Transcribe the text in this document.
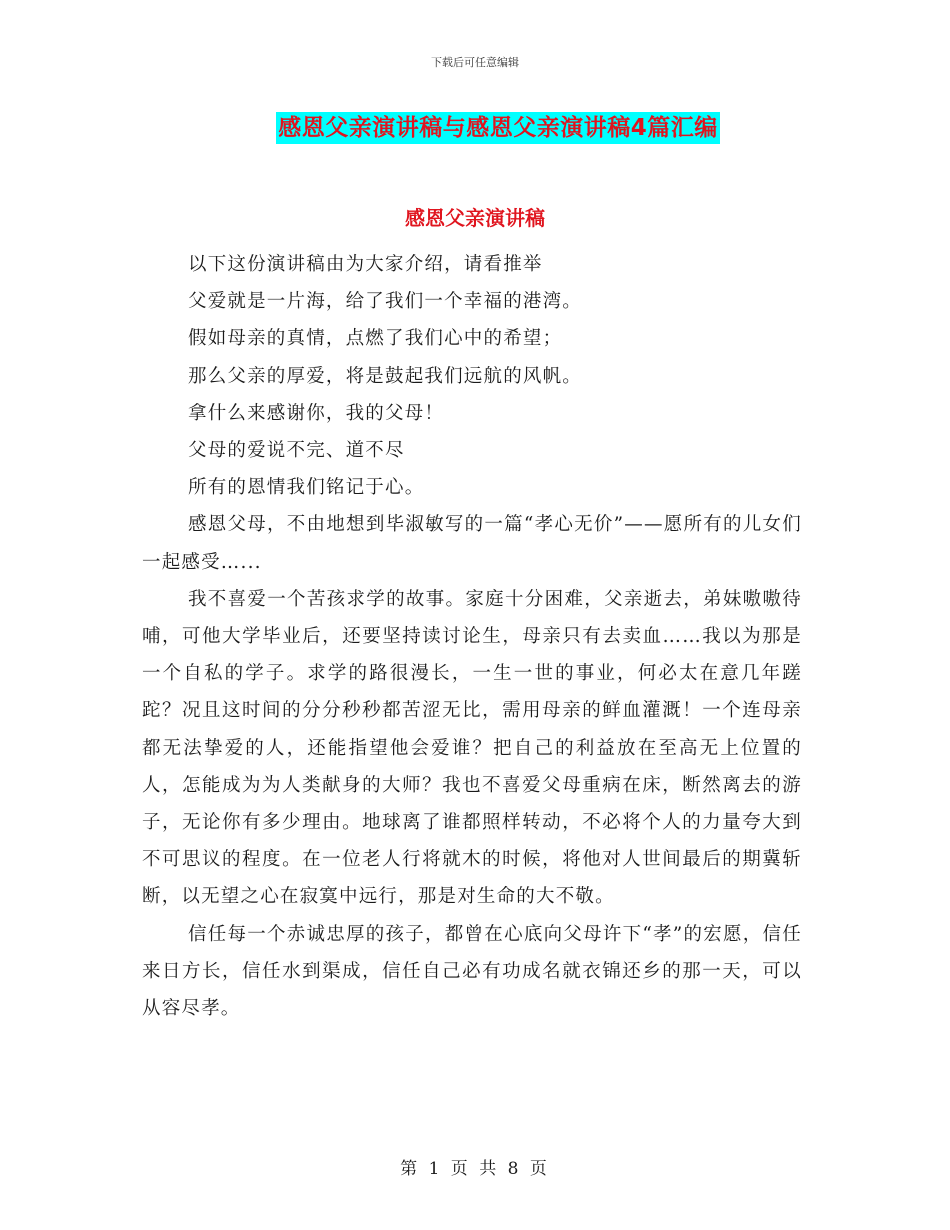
下载后可任意编辑
感恩父亲演讲稿与感恩父亲演讲稿4篇汇编
感恩父亲演讲稿

以下这份演讲稿由为大家介绍，请看推举

父爱就是一片海，给了我们一个幸福的港湾。

假如母亲的真情，点燃了我们心中的希望；

那么父亲的厚爱，将是鼓起我们远航的风帆。

拿什么来感谢你，我的父母！

父母的爱说不完、道不尽

所有的恩情我们铭记于心。

感恩父母，不由地想到毕淑敏写的一篇“孝心无价”——愿所有的儿女们一起感受…...

我不喜爱一个苦孩求学的故事。家庭十分困难，父亲逝去，弟妹嗷嗷待哺，可他大学毕业后，还要坚持读讨论生，母亲只有去卖血……我以为那是一个自私的学子。求学的路很漫长，一生一世的事业，何必太在意几年蹉跎？况且这时间的分分秒秒都苦涩无比，需用母亲的鲜血灌溉！一个连母亲都无法挚爱的人，还能指望他会爱谁？把自己的利益放在至高无上位置的人，怎能成为为人类献身的大师？我也不喜爱父母重病在床，断然离去的游子，无论你有多少理由。地球离了谁都照样转动，不必将个人的力量夸大到不可思议的程度。在一位老人行将就木的时候，将他对人世间最后的期冀斩断，以无望之心在寂寞中远行，那是对生命的大不敬。

信任每一个赤诚忠厚的孩子，都曾在心底向父母许下“孝”的宏愿，信任来日方长，信任水到渠成，信任自己必有功成名就衣锦还乡的那一天，可以从容尽孝。

第 1 页 共 8 页
